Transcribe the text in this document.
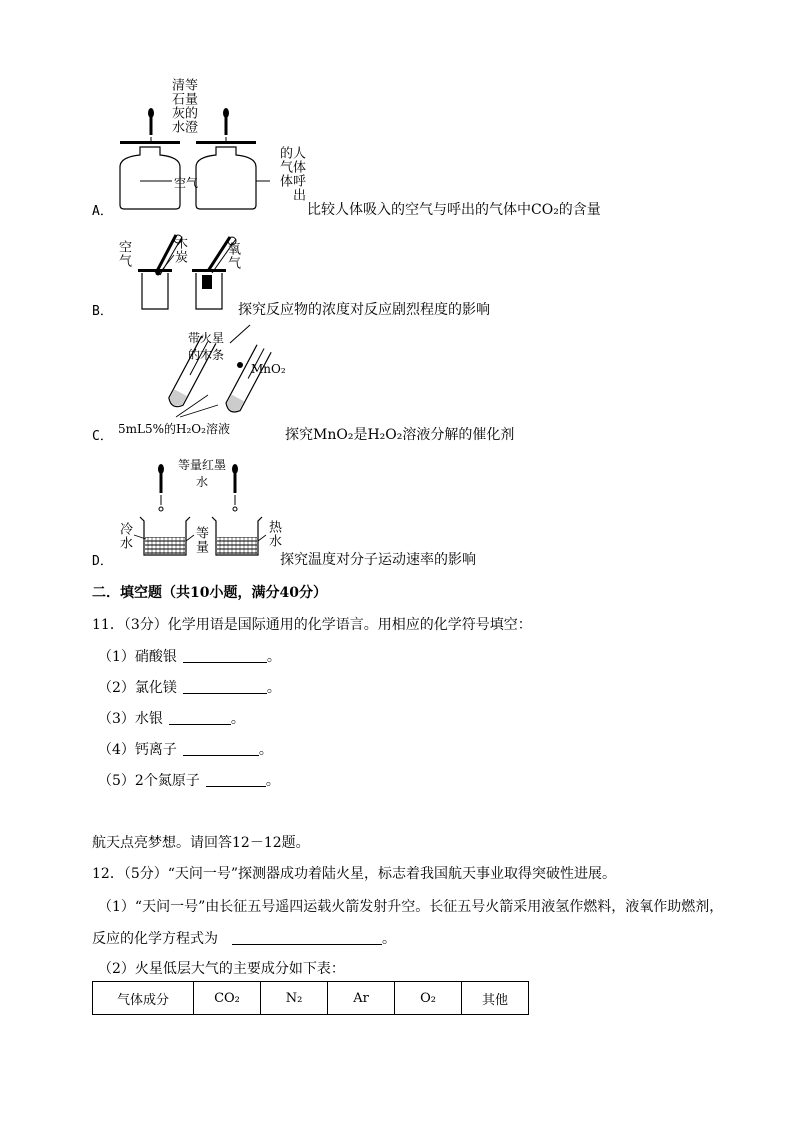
等量的澄清石灰水
空气	人体呼出的气体
A．	比较人体吸入的空气与呼出的气体中CO₂的含量
空气	木炭	氧气
B．	探究反应物的浓度对反应剧烈程度的影响
带火星的木条
MnO₂
5mL5%的H₂O₂溶液
C．	探究MnO₂是H₂O₂溶液分解的催化剂
等量红墨水
冷水	等量	热水
D．	探究温度对分子运动速率的影响
二．填空题（共10小题，满分40分）
11．（3分）化学用语是国际通用的化学语言。用相应的化学符号填空：
（1）硝酸银	。
（2）氯化镁	。
（3）水银	。
（4）钙离子	。
（5）2个氮原子	。
航天点亮梦想。请回答12－12题。
12．（5分）“天问一号”探测器成功着陆火星，标志着我国航天事业取得突破性进展。
（1）“天问一号”由长征五号遥四运载火箭发射升空。长征五号火箭采用液氢作燃料，液氧作助燃剂，
反应的化学方程式为	。
（2）火星低层大气的主要成分如下表：
气体成分	CO₂	N₂	Ar	O₂	其他
